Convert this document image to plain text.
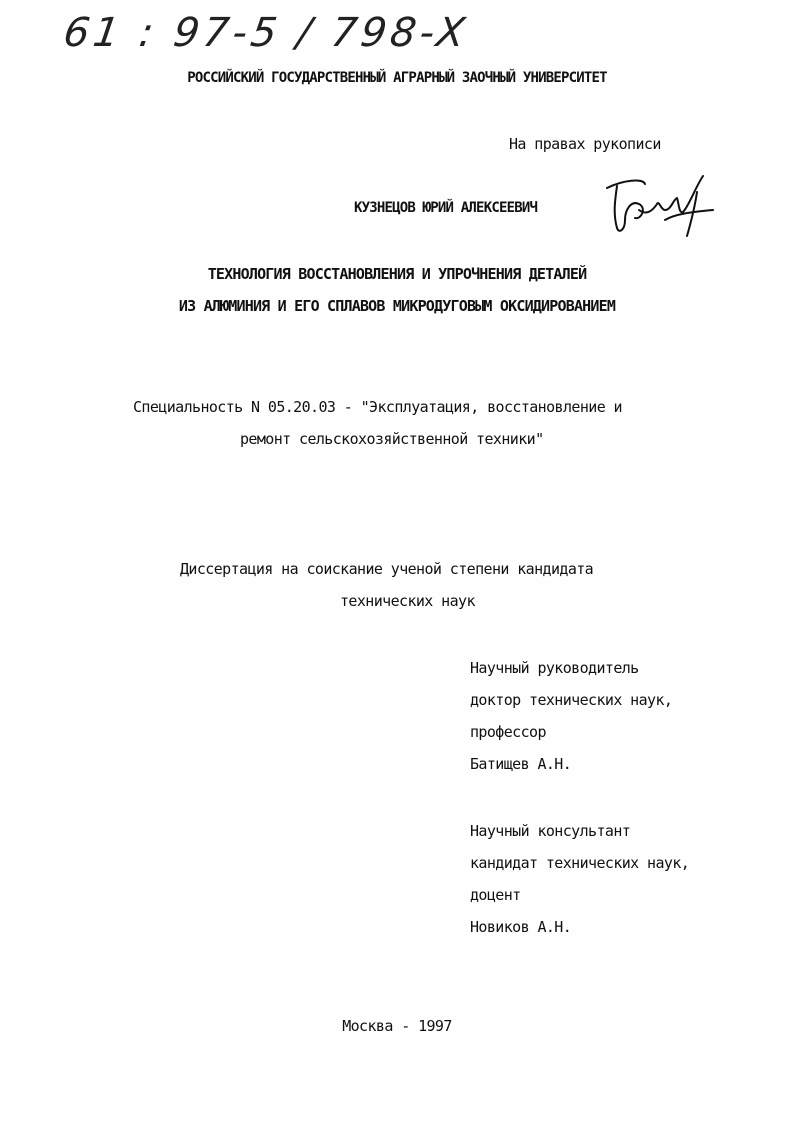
61 : 97-5 / 798-X
РОССИЙСКИЙ ГОСУДАРСТВЕННЫЙ АГРАРНЫЙ ЗАОЧНЫЙ УНИВЕРСИТЕТ
На правах рукописи
КУЗНЕЦОВ ЮРИЙ АЛЕКСЕЕВИЧ
ТЕХНОЛОГИЯ ВОССТАНОВЛЕНИЯ И УПРОЧНЕНИЯ ДЕТАЛЕЙ
ИЗ АЛЮМИНИЯ И ЕГО СПЛАВОВ МИКРОДУГОВЫМ ОКСИДИРОВАНИЕМ
Специальность N 05.20.03 - "Эксплуатация, восстановление и
ремонт сельскохозяйственной техники"
Диссертация на соискание ученой степени кандидата
технических наук
Научный руководитель
доктор технических наук,
профессор
Батищев А.Н.
Научный консультант
кандидат технических наук,
доцент
Новиков А.Н.
Москва - 1997
